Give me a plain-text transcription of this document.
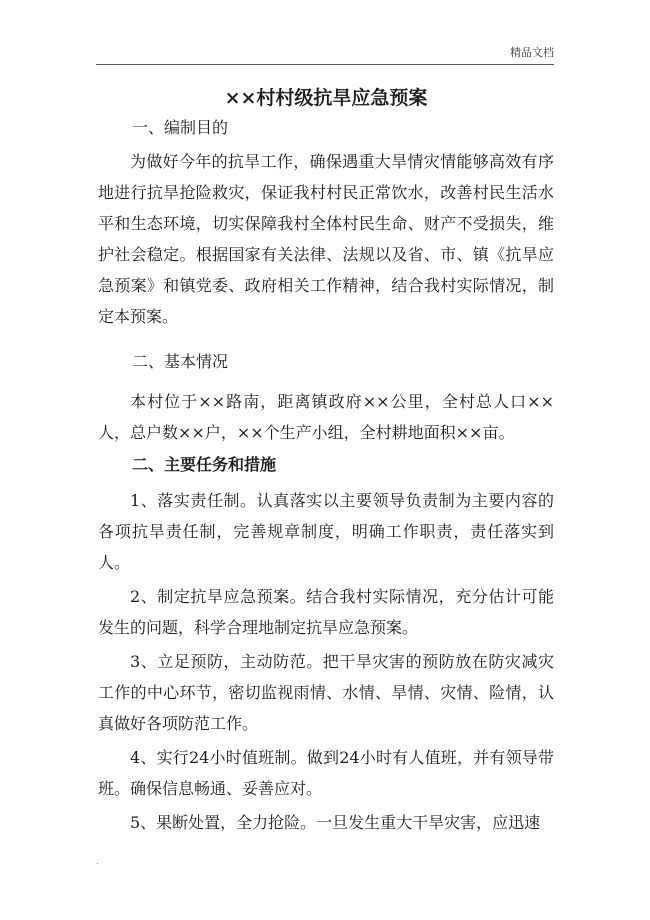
精品文档
××村村级抗旱应急预案

一、编制目的

为做好今年的抗旱工作，确保遇重大旱情灾情能够高效有序地进行抗旱抢险救灾，保证我村村民正常饮水，改善村民生活水平和生态环境，切实保障我村全体村民生命、财产不受损失，维护社会稳定。根据国家有关法律、法规以及省、市、镇《抗旱应急预案》和镇党委、政府相关工作精神，结合我村实际情况，制定本预案。

二、基本情况

本村位于××路南，距离镇政府××公里，全村总人口××人，总户数××户，××个生产小组，全村耕地面积××亩。

二、主要任务和措施

1、落实责任制。认真落实以主要领导负责制为主要内容的各项抗旱责任制，完善规章制度，明确工作职责，责任落实到人。

2、制定抗旱应急预案。结合我村实际情况，充分估计可能发生的问题，科学合理地制定抗旱应急预案。

3、立足预防，主动防范。把干旱灾害的预防放在防灾减灾工作的中心环节，密切监视雨情、水情、旱情、灾情、险情，认真做好各项防范工作。

4、实行24小时值班制。做到24小时有人值班，并有领导带班。确保信息畅通、妥善应对。

5、果断处置，全力抢险。一旦发生重大干旱灾害，应迅速

.
